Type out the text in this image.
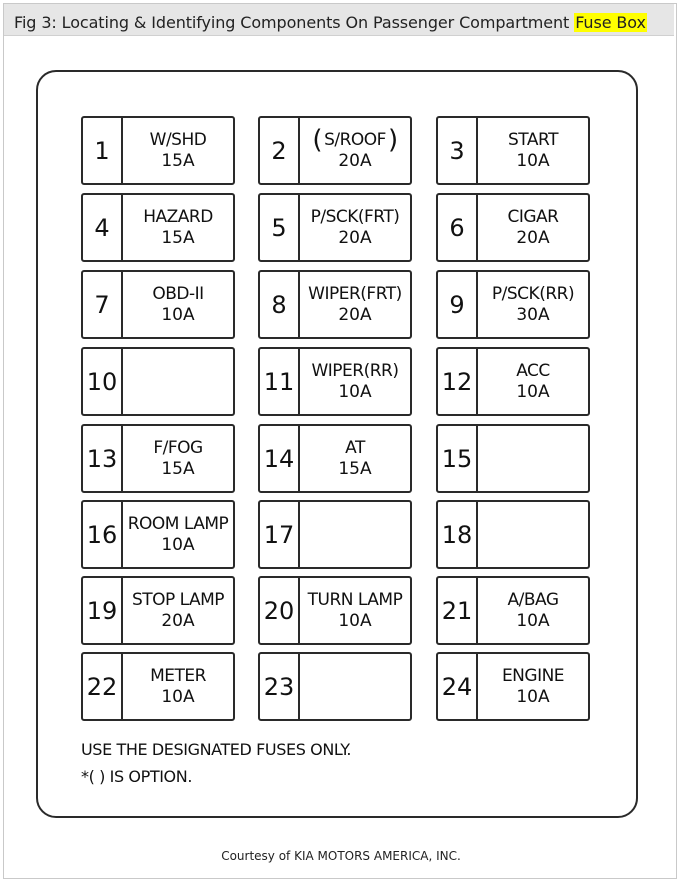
Fig 3: Locating & Identifying Components On Passenger Compartment Fuse Box
1	W/SHD
15A	2
(	S/ROOF )
20A	3	START
10A
4	HAZARD
15A	5	P/SCK(FRT)
20A	6	CIGAR
20A
7	OBD-II
10A	8	WIPER(FRT)
20A	9	P/SCK(RR)
30A
10	11	WIPER(RR)
10A	12	ACC
10A
13	F/FOG
15A	14	AT
15A	15
16 ROOM LAMP
10A	17	18
19 STOP LAMP
20A	20 TURN LAMP
10A	21	A/BAG
10A
22	METER
10A	23	24	ENGINE
10A
USE THE DESIGNATED FUSES ONLY.
*( ) IS OPTION.
Courtesy of KIA MOTORS AMERICA, INC.
